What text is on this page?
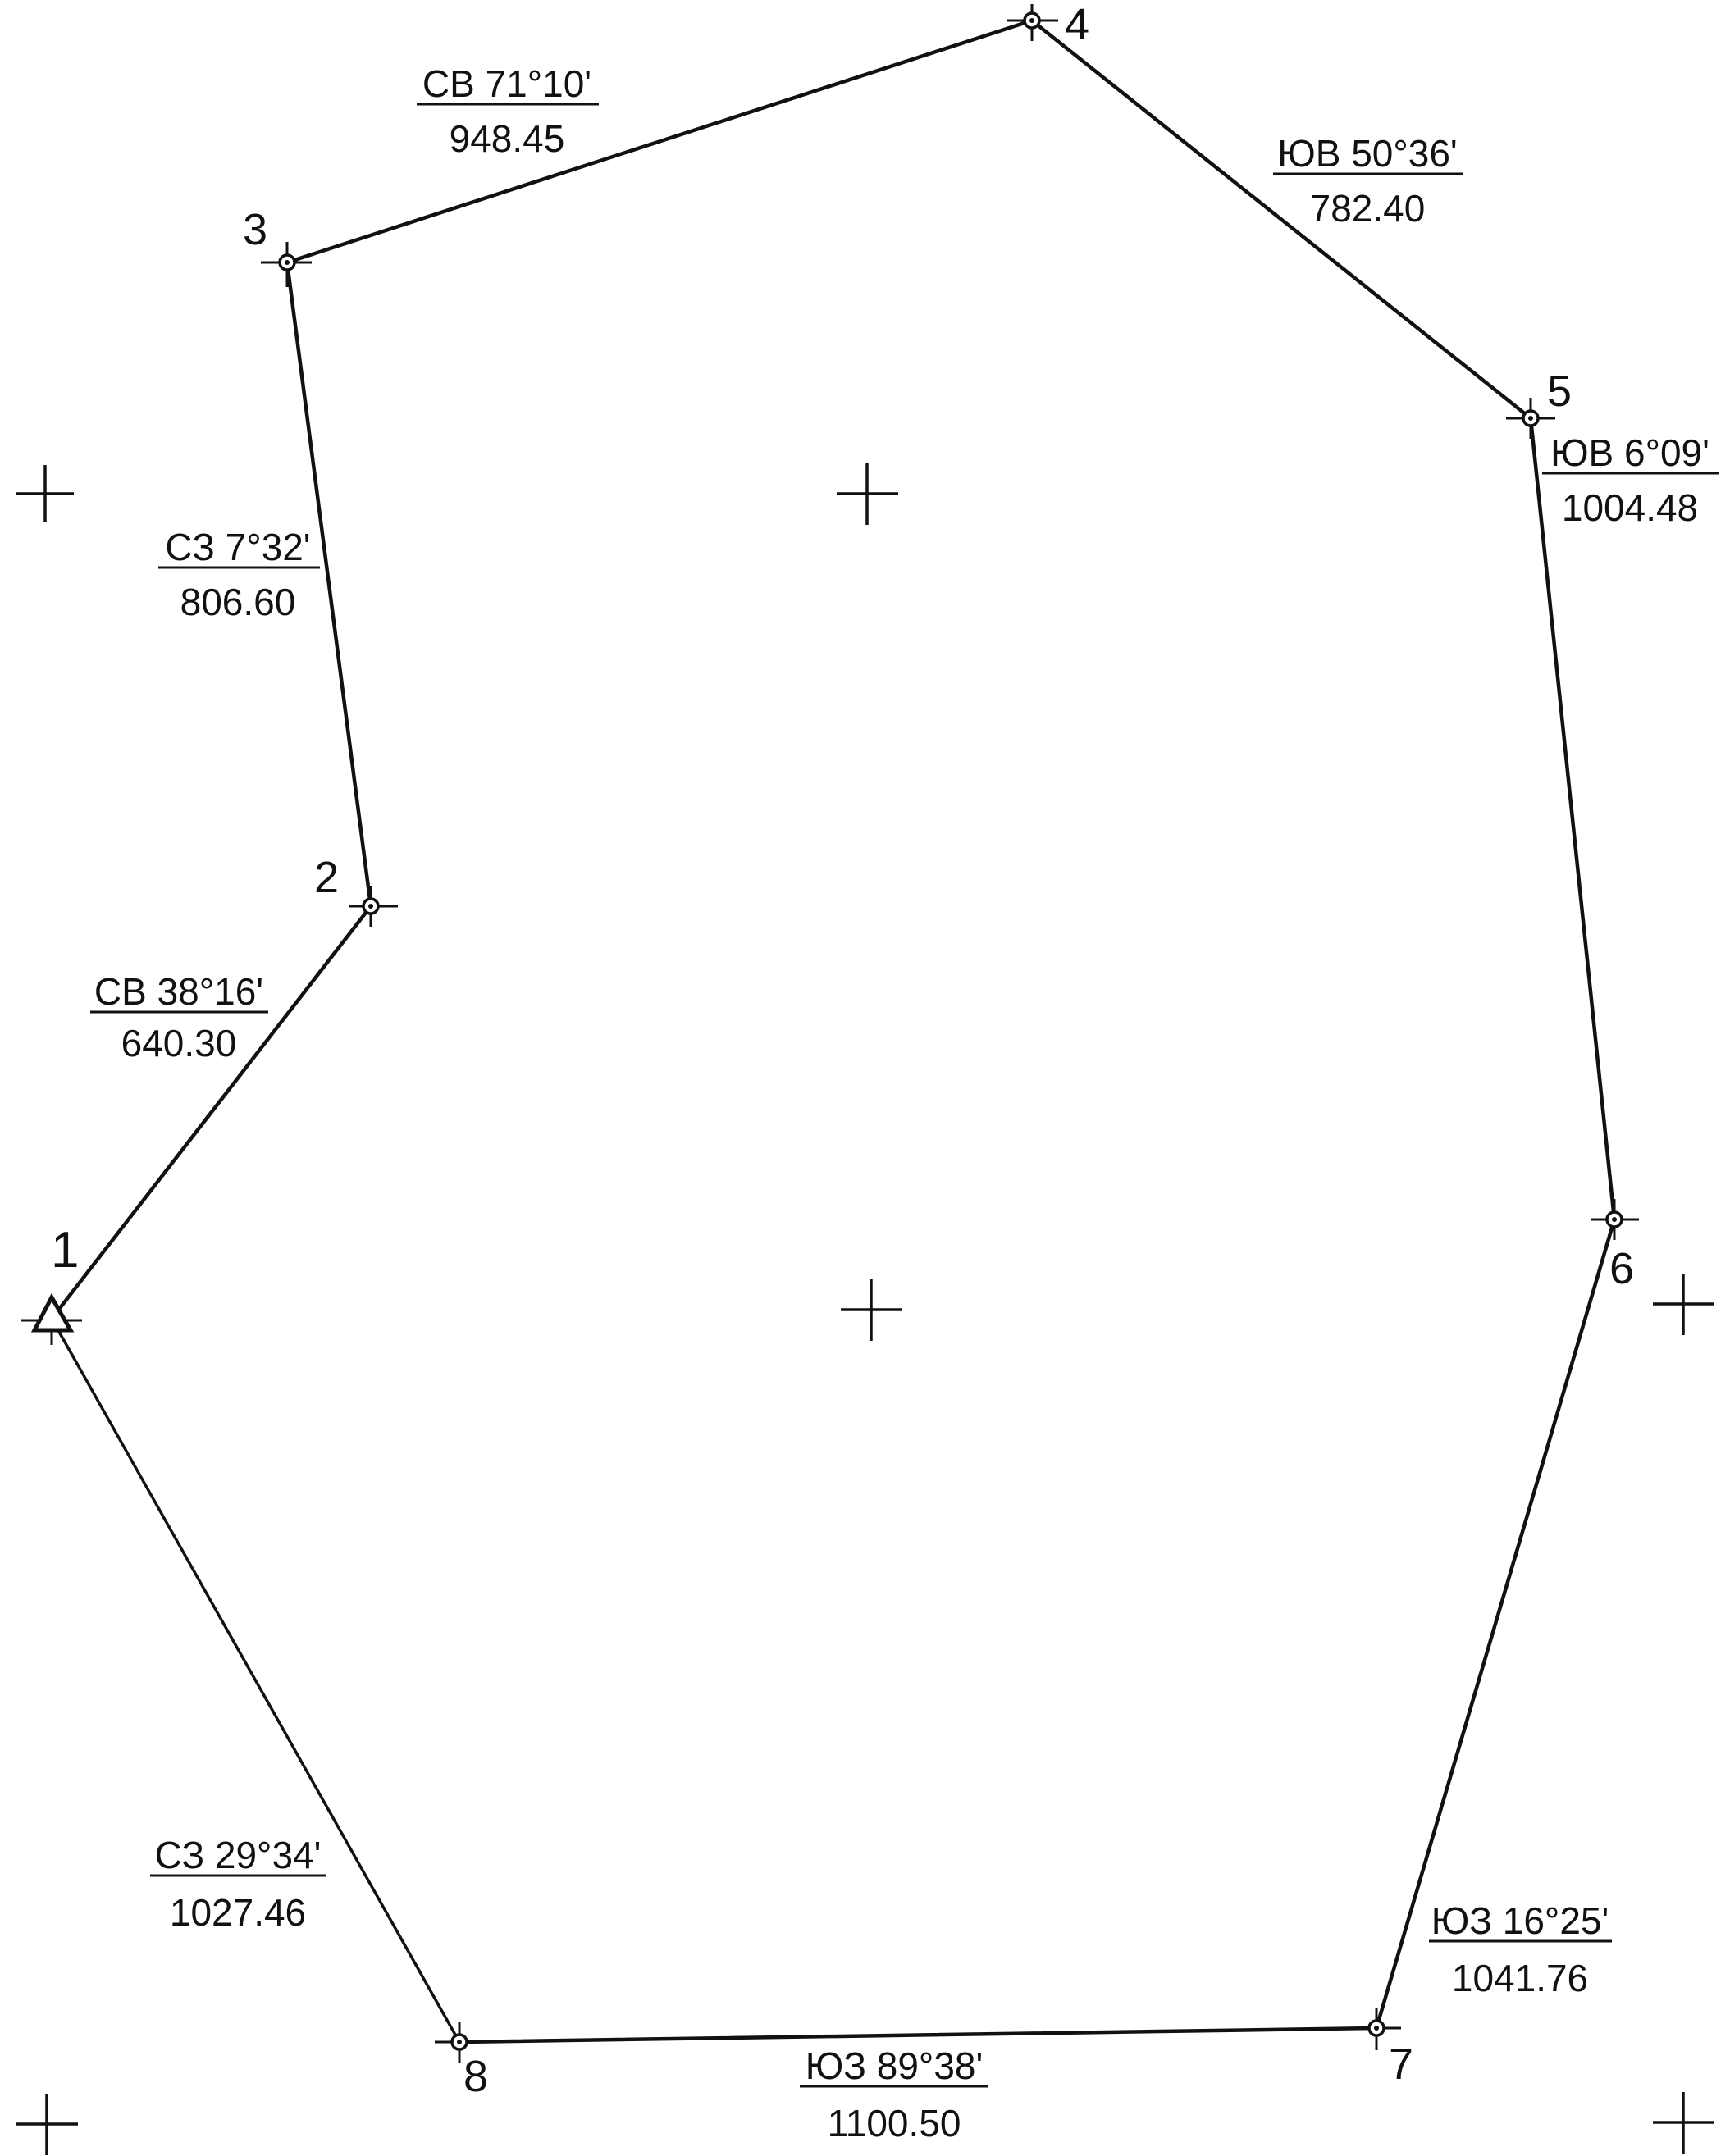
1
2
3
4
5
6
7
8
СВ 38°16'
640.30
СЗ 7°32'
806.60
СВ 71°10'
948.45	ЮВ 50°36'
782.40
ЮВ 6°09'
1004.48
ЮЗ 16°25'
1041.76
ЮЗ 89°38'
1100.50
СЗ 29°34'
1027.46
